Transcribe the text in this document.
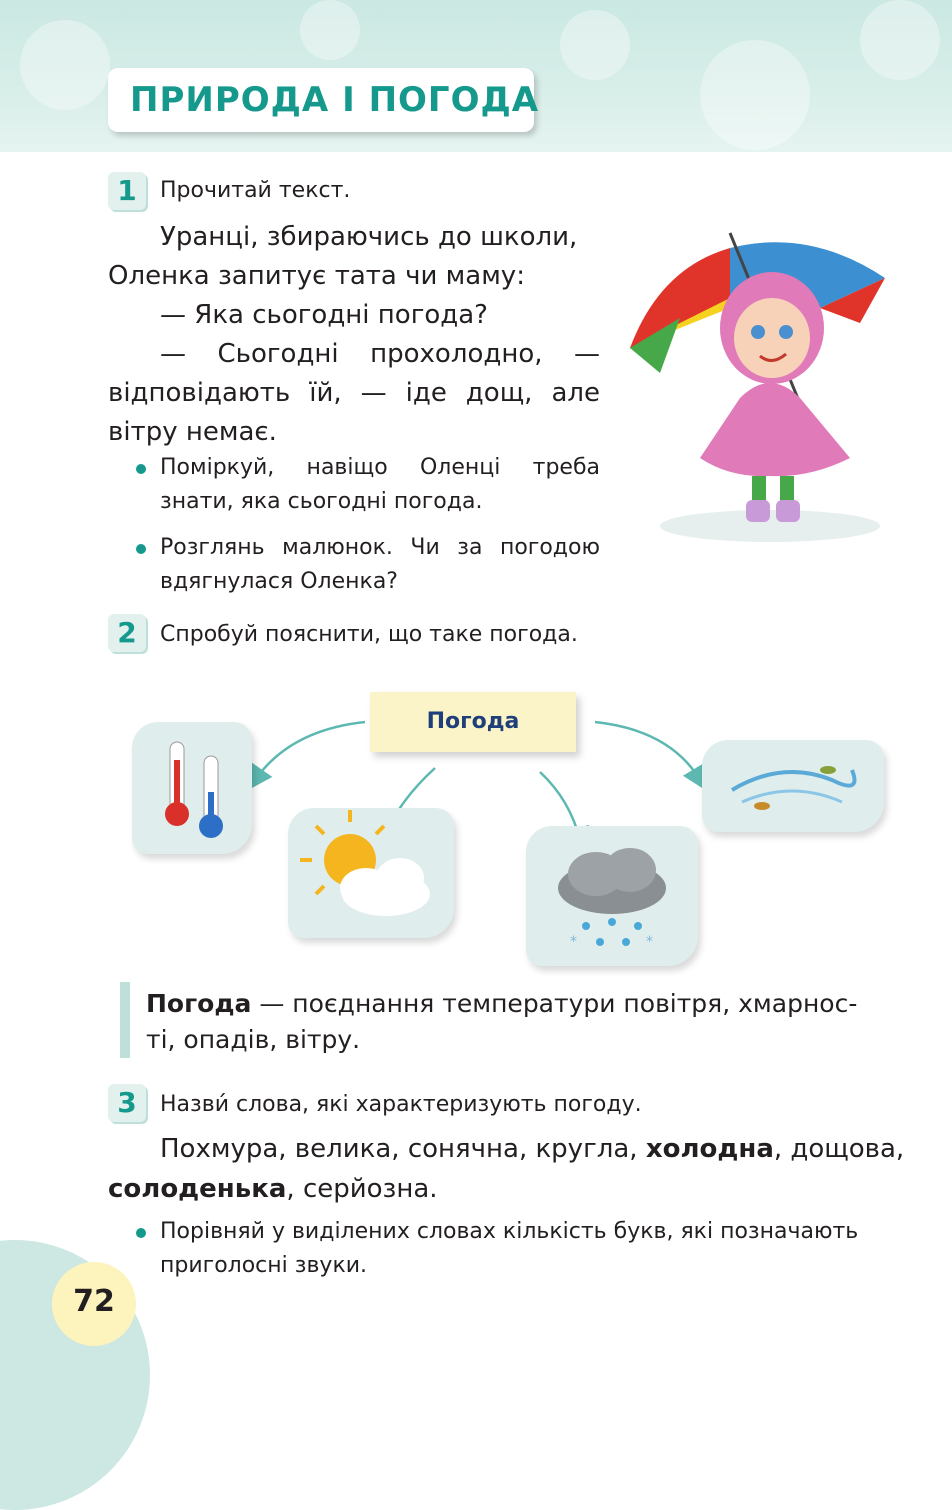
ПРИРОДА І ПОГОДА
1	Прочитай текст.

Уранці, збираючись до школи,

Оленка запитує тата чи маму:

— Яка сьогодні погода?

— Сьогодні прохолодно, —

відповідають їй, — іде дощ, але

вітру немає.

Поміркуй, навіщо Оленці треба

знати, яка сьогодні погода.

Розглянь малюнок. Чи за погодою

вдягнулася Оленка?

2	Спробуй пояснити, що таке погода.
Погода
*	*

Погода — поєднання температури повітря, хмарнос-
ті, опадів, вітру.

3	Назви́ слова, які характеризують погоду.

Похмура, велика, сонячна, кругла, холодна, дощова,

солоденька, серйозна.

Порівняй у виділених словах кількість букв, які позначають

приголосні звуки.

72
